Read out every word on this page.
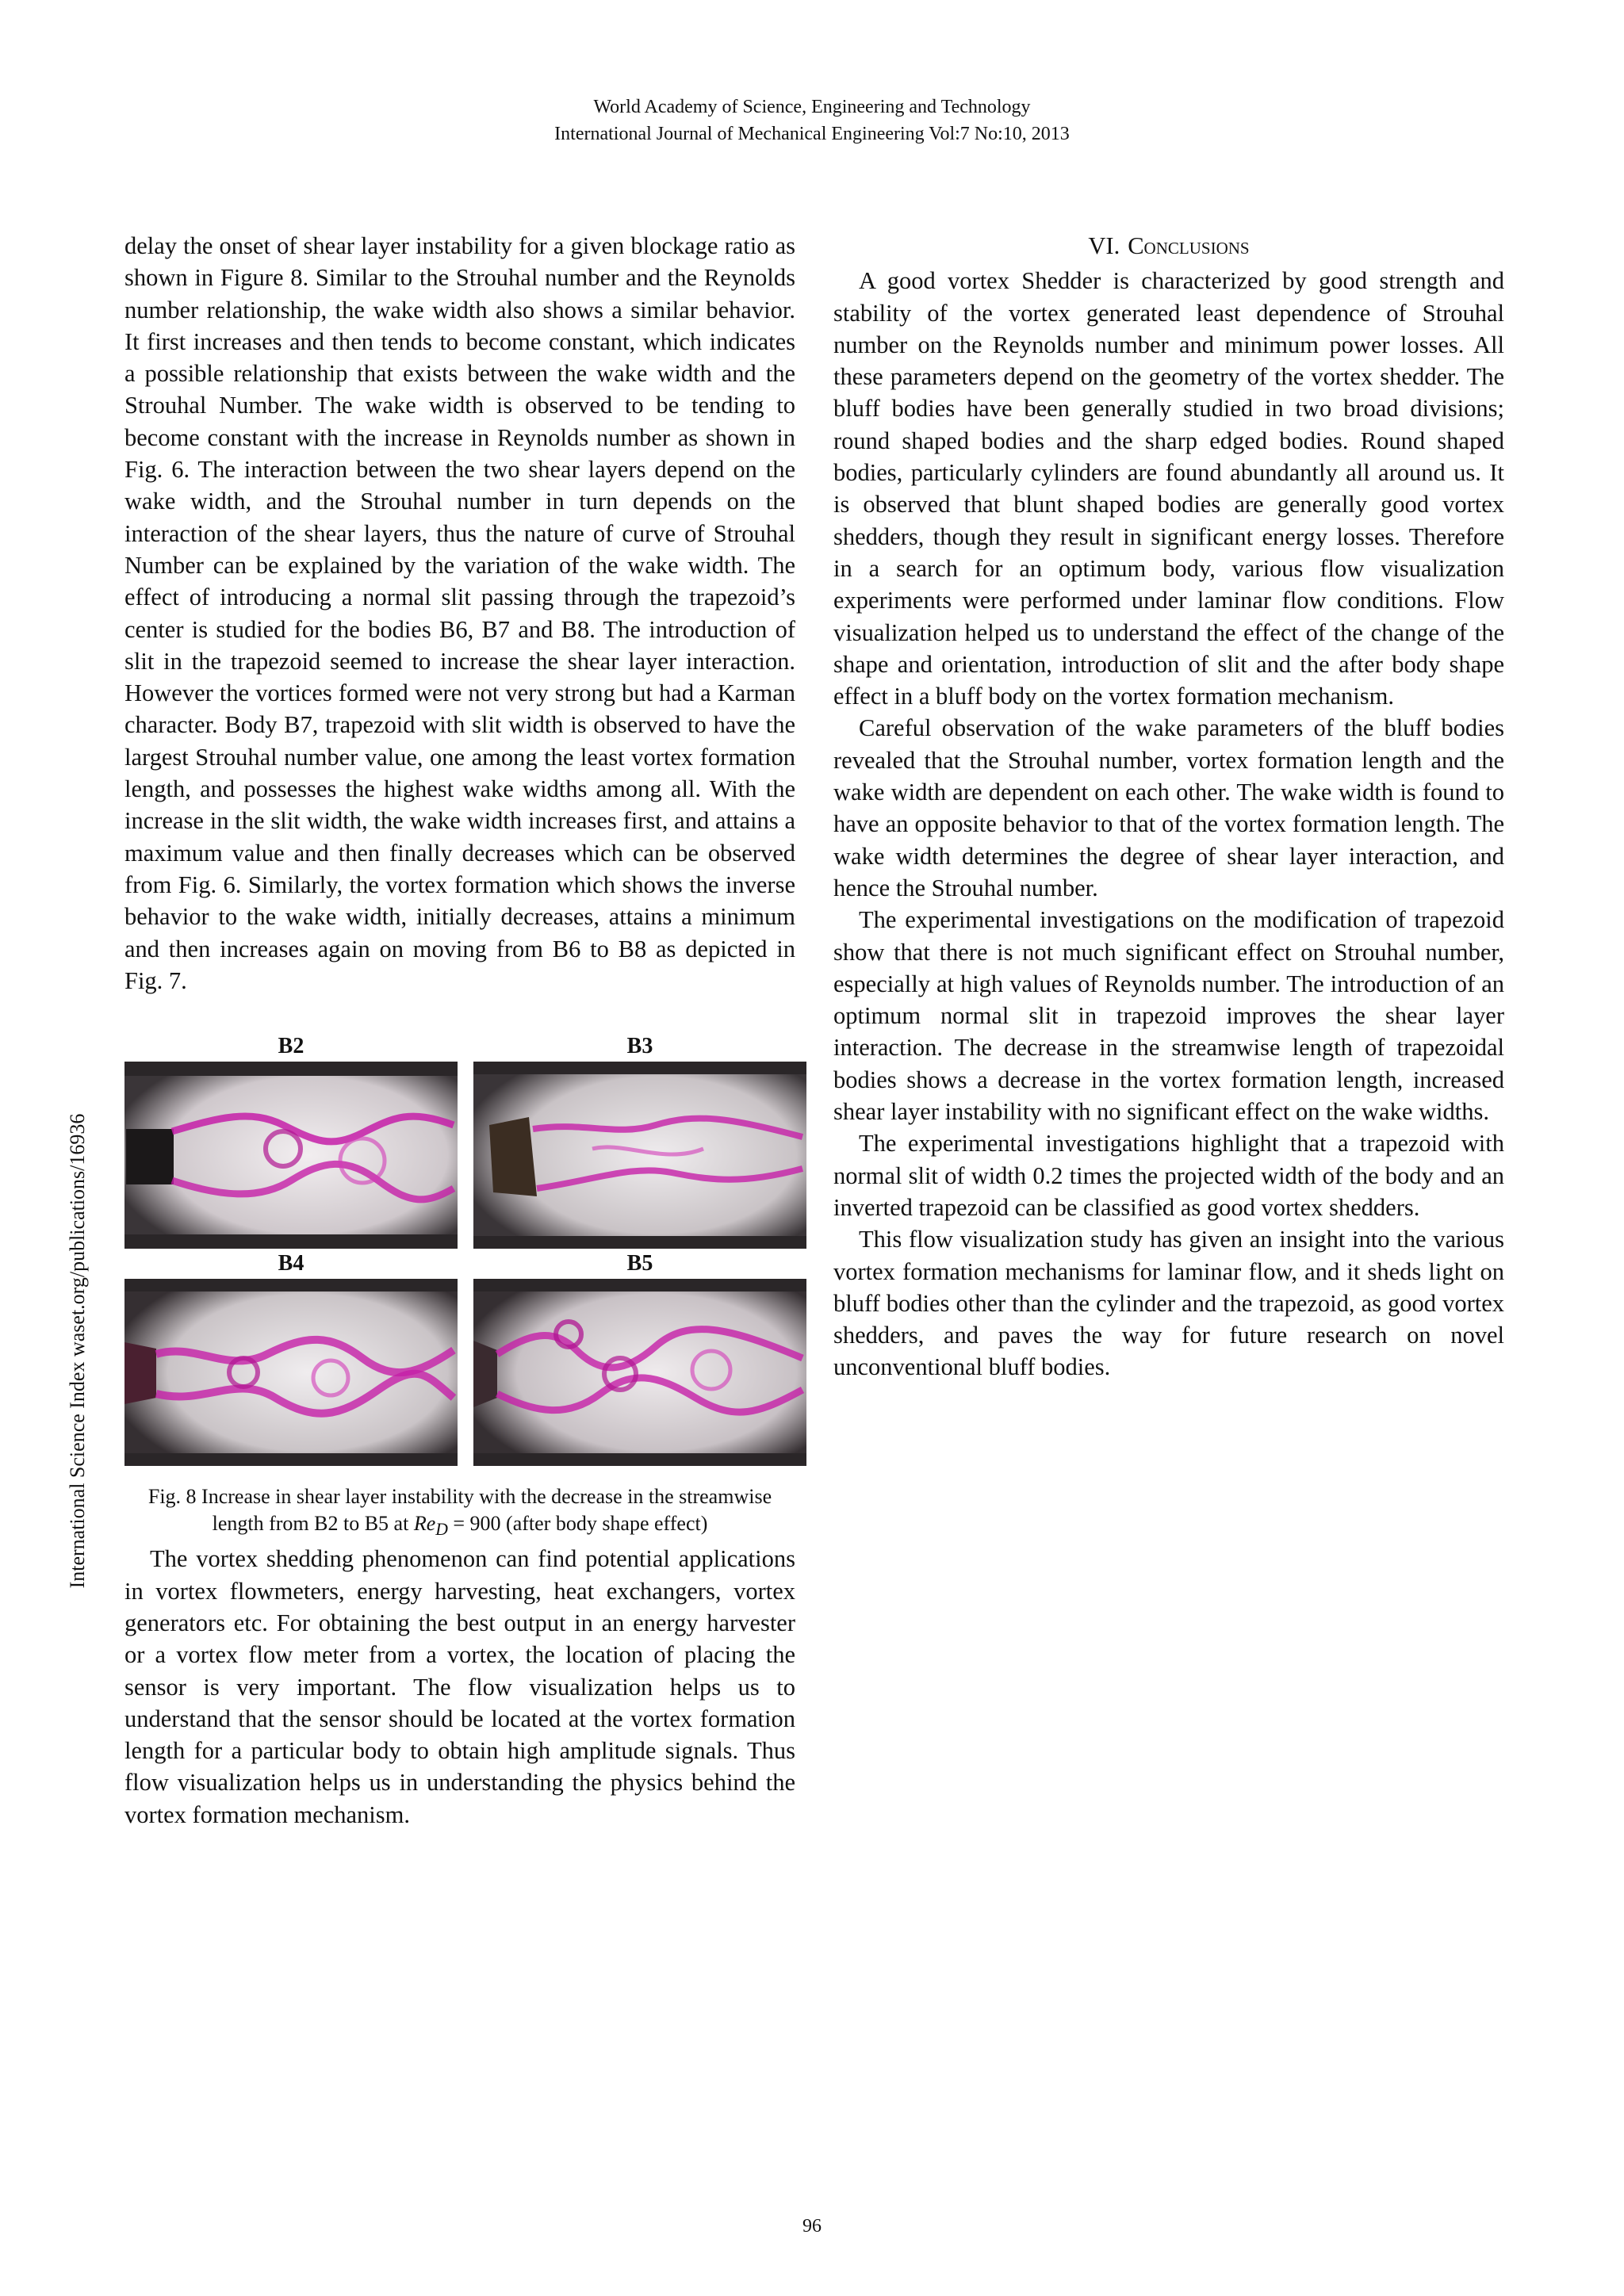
World Academy of Science, Engineering and Technology
International Journal of Mechanical Engineering Vol:7 No:10, 2013
International Science Index waset.org/publications/16936

delay the onset of shear layer instability for a given blockage ratio as shown in Figure 8. Similar to the Strouhal number and the Reynolds number relationship, the wake width also shows a similar behavior. It first increases and then tends to become constant, which indicates a possible relationship that exists between the wake width and the Strouhal Number. The wake width is observed to be tending to become constant with the increase in Reynolds number as shown in Fig. 6. The interaction between the two shear layers depend on the wake width, and the Strouhal number in turn depends on the interaction of the shear layers, thus the nature of curve of Strouhal Number can be explained by the variation of the wake width. The effect of introducing a normal slit passing through the trapezoid’s center is studied for the bodies B6, B7 and B8. The introduction of slit in the trapezoid seemed to increase the shear layer interaction. However the vortices formed were not very strong but had a Karman character. Body B7, trapezoid with slit width is observed to have the largest Strouhal number value, one among the least vortex formation length, and possesses the highest wake widths among all. With the increase in the slit width, the wake width increases first, and attains a maximum value and then finally decreases which can be observed from Fig. 6. Similarly, the vortex formation which shows the inverse behavior to the wake width, initially decreases, attains a minimum and then increases again on moving from B6 to B8 as depicted in Fig. 7.

B2	B3
B4	B5
Fig. 8 Increase in shear layer instability with the decrease in the streamwise length from B2 to B5 at $Re_D = 900$ (after body shape effect)

The vortex shedding phenomenon can find potential applications in vortex flowmeters, energy harvesting, heat exchangers, vortex generators etc. For obtaining the best output in an energy harvester or a vortex flow meter from a vortex, the location of placing the sensor is very important. The flow visualization helps us to understand that the sensor should be located at the vortex formation length for a particular body to obtain high amplitude signals. Thus flow visualization helps us in understanding the physics behind the vortex formation mechanism.

VI. Conclusions

A good vortex Shedder is characterized by good strength and stability of the vortex generated least dependence of Strouhal number on the Reynolds number and minimum power losses. All these parameters depend on the geometry of the vortex shedder. The bluff bodies have been generally studied in two broad divisions; round shaped bodies and the sharp edged bodies. Round shaped bodies, particularly cylinders are found abundantly all around us. It is observed that blunt shaped bodies are generally good vortex shedders, though they result in significant energy losses. Therefore in a search for an optimum body, various flow visualization experiments were performed under laminar flow conditions. Flow visualization helped us to understand the effect of the change of the shape and orientation, introduction of slit and the after body shape effect in a bluff body on the vortex formation mechanism.

Careful observation of the wake parameters of the bluff bodies revealed that the Strouhal number, vortex formation length and the wake width are dependent on each other. The wake width is found to have an opposite behavior to that of the vortex formation length. The wake width determines the degree of shear layer interaction, and hence the Strouhal number.

The experimental investigations on the modification of trapezoid show that there is not much significant effect on Strouhal number, especially at high values of Reynolds number. The introduction of an optimum normal slit in trapezoid improves the shear layer interaction. The decrease in the streamwise length of trapezoidal bodies shows a decrease in the vortex formation length, increased shear layer instability with no significant effect on the wake widths.

The experimental investigations highlight that a trapezoid with normal slit of width 0.2 times the projected width of the body and an inverted trapezoid can be classified as good vortex shedders.

This flow visualization study has given an insight into the various vortex formation mechanisms for laminar flow, and it sheds light on bluff bodies other than the cylinder and the trapezoid, as good vortex shedders, and paves the way for future research on novel unconventional bluff bodies.

96
